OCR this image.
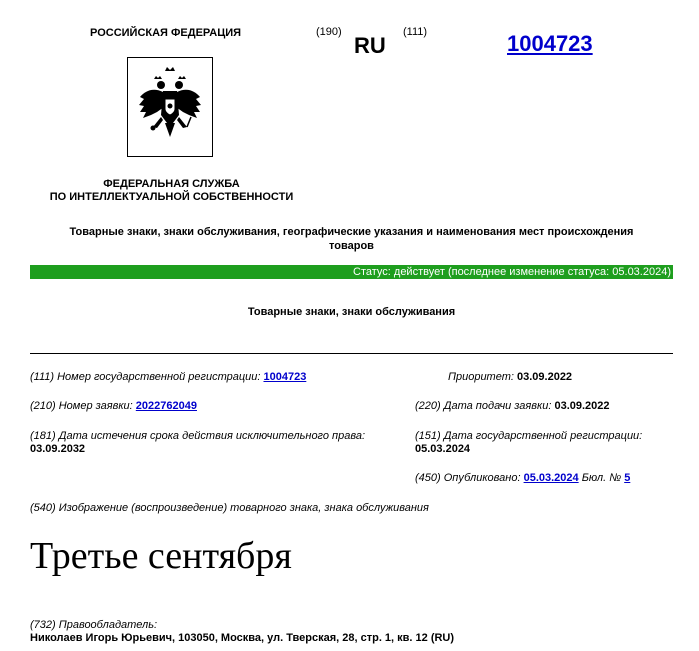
РОССИЙСКАЯ ФЕДЕРАЦИЯ	(190)
RU
(111)	1004723
ФЕДЕРАЛЬНАЯ СЛУЖБА
ПО ИНТЕЛЛЕКТУАЛЬНОЙ СОБСТВЕННОСТИ
Товарные знаки, знаки обслуживания, географические указания и наименования мест происхождения
товаров
Статус: действует (последнее изменение статуса: 05.03.2024)
Товарные знаки, знаки обслуживания
(111) Номер государственной регистрации: 1004723	Приоритет: 03.09.2022
(210) Номер заявки: 2022762049	(220) Дата подачи заявки: 03.09.2022
(181) Дата истечения срока действия исключительного права:
03.09.2032
(151) Дата государственной регистрации:
05.03.2024
(450) Опубликовано: 05.03.2024 Бюл. № 5
(540) Изображение (воспроизведение) товарного знака, знака обслуживания
Третье сентября
(732) Правообладатель:
Николаев Игорь Юрьевич, 103050, Москва, ул. Тверская, 28, стр. 1, кв. 12 (RU)
